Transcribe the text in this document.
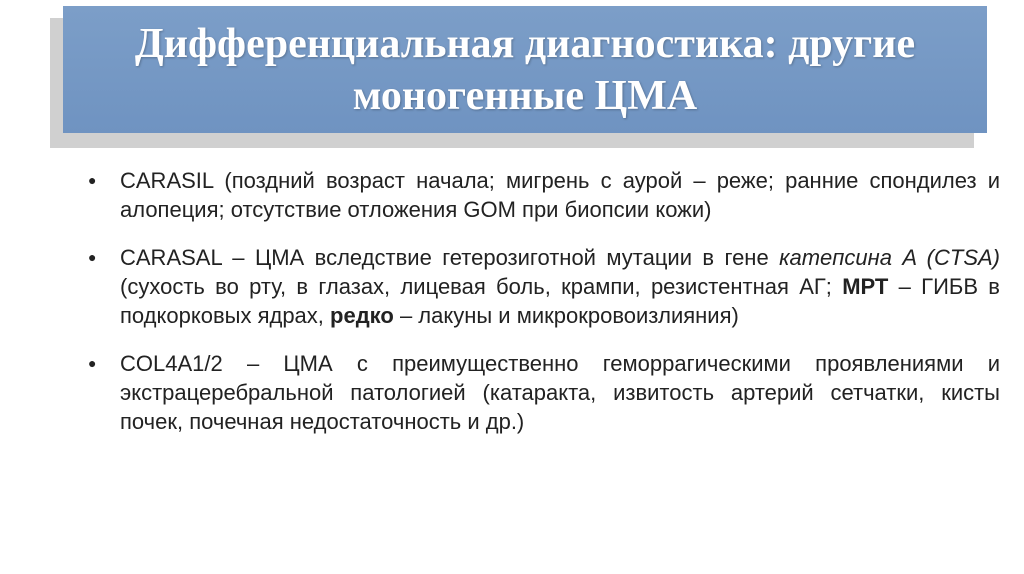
Дифференциальная диагностика: другие
моногенные ЦМА
● CARASIL (поздний возраст начала; мигрень с аурой – реже; ранние спондилез и алопеция; отсутствие отложения GOM при биопсии кожи)
● CARASAL – ЦМА вследствие гетерозиготной мутации в гене катепсина A (CTSA) (сухость во рту, в глазах, лицевая боль, крампи, резистентная АГ; МРТ – ГИБВ в подкорковых ядрах, редко – лакуны и микрокровоизлияния)
● COL4A1/2 – ЦМА с преимущественно геморрагическими проявлениями и экстрацеребральной патологией (катаракта, извитость артерий сетчатки, кисты почек, почечная недостаточность и др.)
